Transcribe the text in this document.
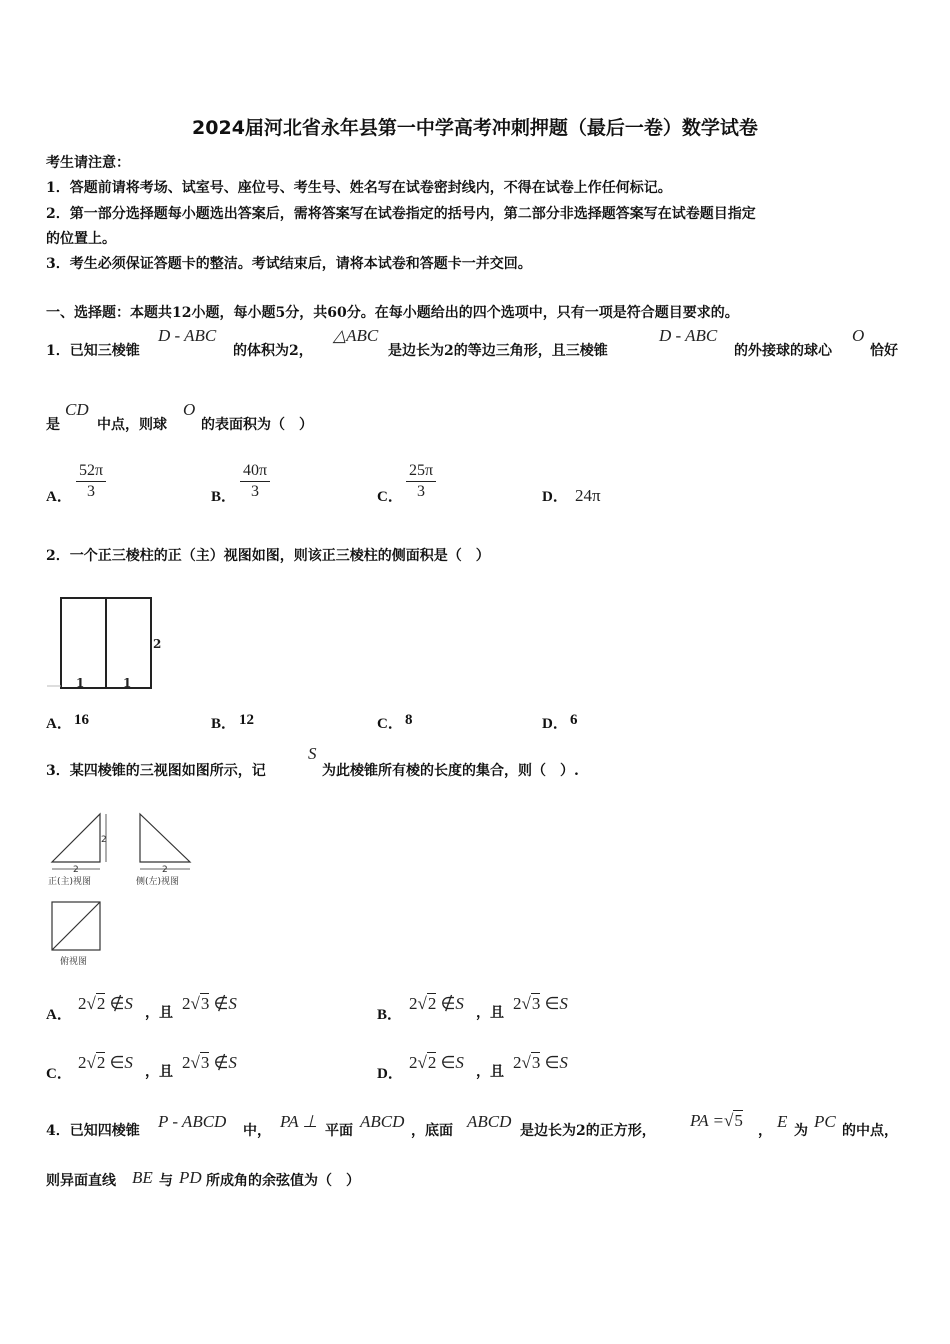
2024届河北省永年县第一中学高考冲刺押题（最后一卷）数学试卷
考生请注意：
1．答题前请将考场、试室号、座位号、考生号、姓名写在试卷密封线内，不得在试卷上作任何标记。
2．第一部分选择题每小题选出答案后，需将答案写在试卷指定的括号内，第二部分非选择题答案写在试卷题目指定
的位置上。
3．考生必须保证答题卡的整洁。考试结束后，请将本试卷和答题卡一并交回。
一、选择题：本题共12小题，每小题5分，共60分。在每小题给出的四个选项中，只有一项是符合题目要求的。
1．已知三棱锥
D - ABC
的体积为2，
△ABC
是边长为2的等边三角形，且三棱锥
D - ABC
的外接球的球心
O
恰好
是
CD
中点，则球
O
的表面积为（　）
A． $\frac{52\pi}{3}$	B． $\frac{40\pi}{3}$	C． $\frac{25\pi}{3}$	D． 24π
2．一个正三棱柱的正（主）视图如图，则该正三棱柱的侧面积是（　）
1	1
2
A． 16	B． 12	C． 8	D． 6
3．某四棱锥的三视图如图所示，记
S
为此棱锥所有棱的长度的集合，则（　）.
2
2
正(主)视图
2
侧(左)视图
俯视图
A．
2√2 ∉S ，且 2√3 ∉S
B．
2√2 ∉S ，且 2√3 ∈S
C．
2√2 ∈S ，且 2√3 ∉S
D．
2√2 ∈S ，且 2√3 ∈S
4．已知四棱锥 P - ABCD 中， PA ⊥ 平面 ABCD ，底面 ABCD 是边长为2的正方形，
PA =√5
， E 为 PC 的中点，
则异面直线 BE 与 PD 所成角的余弦值为（　）
